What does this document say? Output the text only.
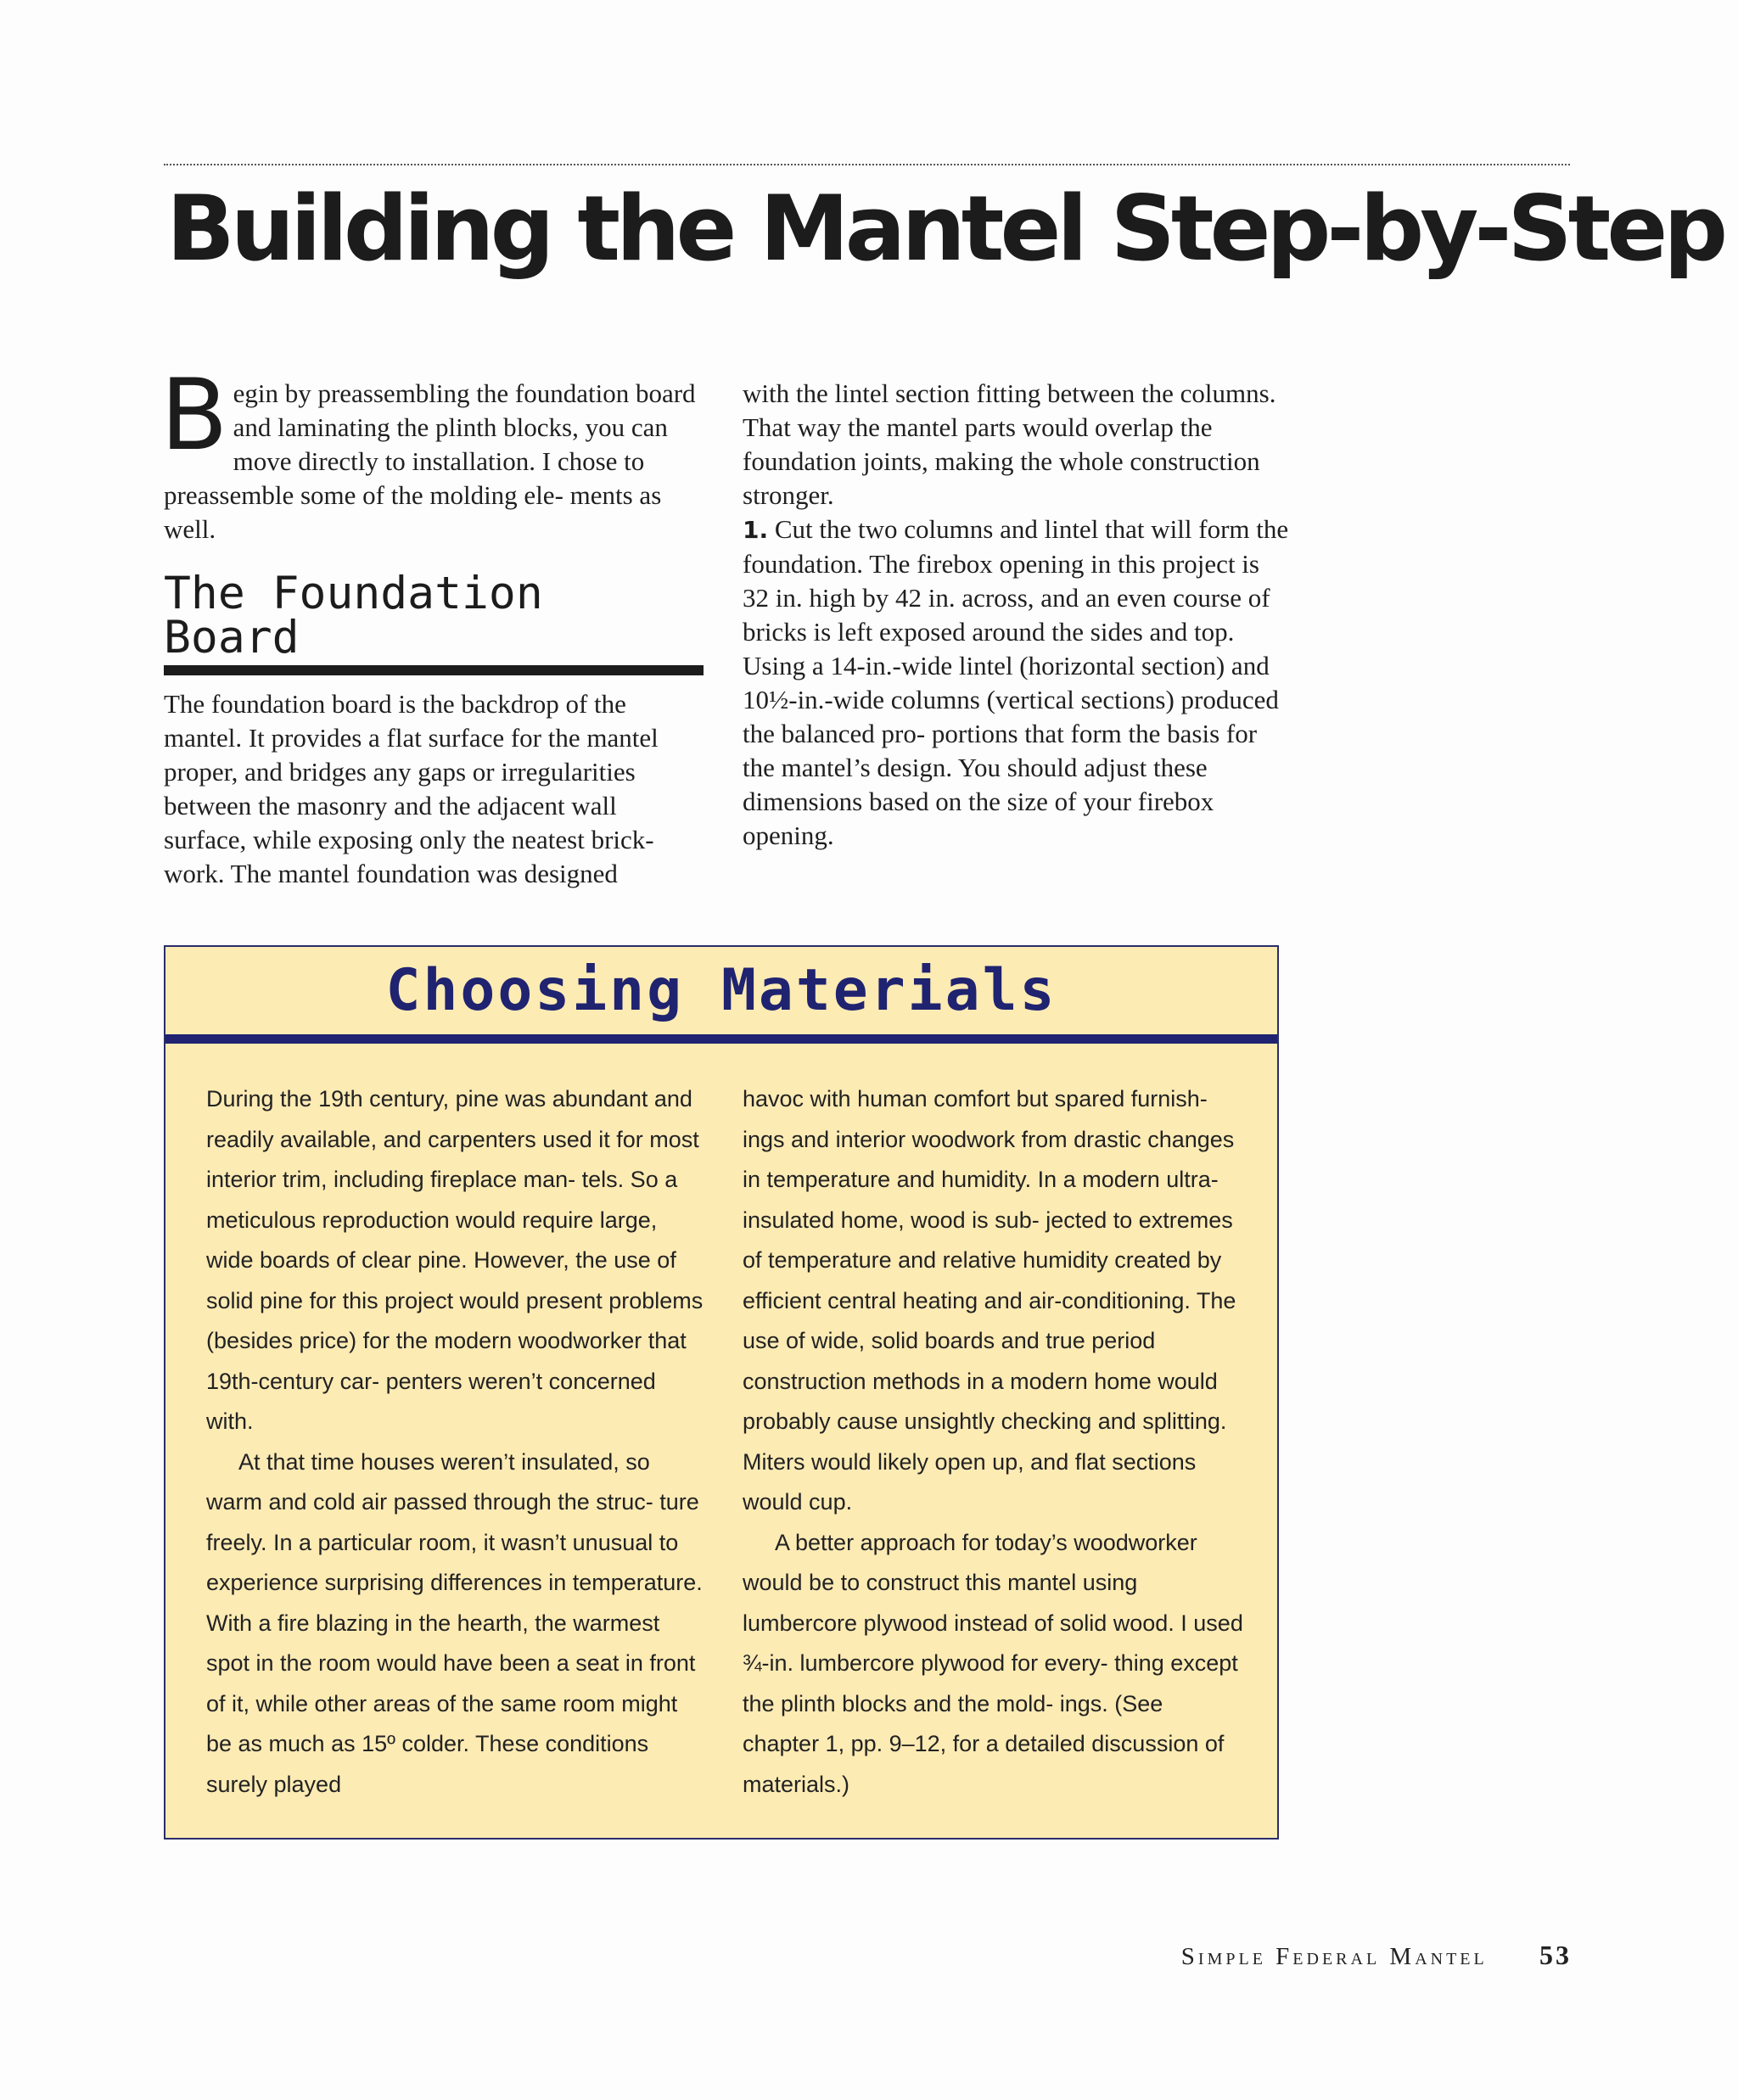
Building the Mantel Step-by-Step

Begin by preassembling the foundation board and laminating the plinth blocks, you can move directly to installation. I chose to preassemble some of the molding ele- ments as well.

The Foundation Board

The foundation board is the backdrop of the mantel. It provides a flat surface for the mantel proper, and bridges any gaps or irregularities between the masonry and the adjacent wall surface, while exposing only the neatest brick- work. The mantel foundation was designed

with the lintel section fitting between the columns. That way the mantel parts would overlap the foundation joints, making the whole construction stronger.

1. Cut the two columns and lintel that will form the foundation. The firebox opening in this project is 32 in. high by 42 in. across, and an even course of bricks is left exposed around the sides and top. Using a 14-in.-wide lintel (horizontal section) and 10½-in.-wide columns (vertical sections) produced the balanced pro- portions that form the basis for the mantel’s design. You should adjust these dimensions based on the size of your firebox opening.

Choosing Materials

During the 19th century, pine was abundant and readily available, and carpenters used it for most interior trim, including fireplace man- tels. So a meticulous reproduction would require large, wide boards of clear pine. However, the use of solid pine for this project would present problems (besides price) for the modern woodworker that 19th-century car- penters weren’t concerned with.

At that time houses weren’t insulated, so warm and cold air passed through the struc- ture freely. In a particular room, it wasn’t unusual to experience surprising differences in temperature. With a fire blazing in the hearth, the warmest spot in the room would have been a seat in front of it, while other areas of the same room might be as much as 15º colder. These conditions surely played

havoc with human comfort but spared furnish- ings and interior woodwork from drastic changes in temperature and humidity. In a modern ultra-insulated home, wood is sub- jected to extremes of temperature and relative humidity created by efficient central heating and air-conditioning. The use of wide, solid boards and true period construction methods in a modern home would probably cause unsightly checking and splitting. Miters would likely open up, and flat sections would cup.

A better approach for today’s woodworker would be to construct this mantel using lumbercore plywood instead of solid wood. I used ¾-in. lumbercore plywood for every- thing except the plinth blocks and the mold- ings. (See chapter 1, pp. 9–12, for a detailed discussion of materials.)

Simple Federal Mantel 53
